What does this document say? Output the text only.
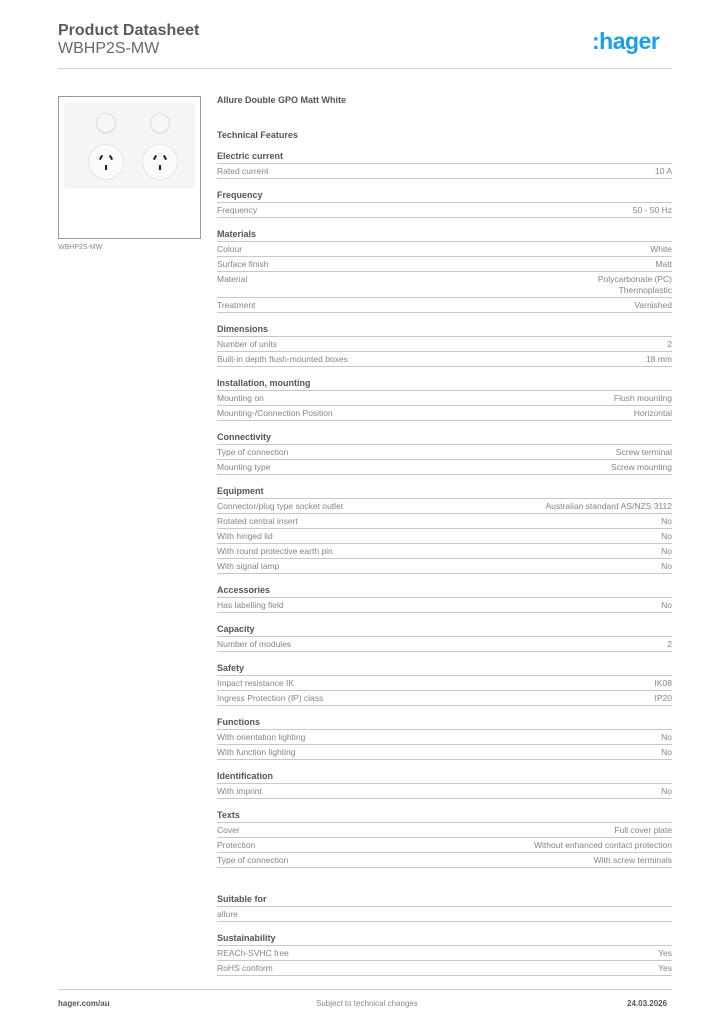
Product Datasheet
WBHP2S-MW	:hager
WBHP2S-MW
Allure Double GPO Matt White
Technical Features
Electric current
Rated current	10 A
Frequency
Frequency	50 - 50 Hz
Materials
Colour	White
Surface finish	Matt
Material	Polycarbonate (PC)
Thermoplastic
Treatment	Varnished
Dimensions
Number of units	2
Built-in depth flush-mounted boxes	18 mm
Installation, mounting
Mounting on	Flush mounting
Mounting-/Connection Position	Horizontal
Connectivity
Type of connection	Screw terminal
Mounting type	Screw mounting
Equipment
Connector/plug type socket outlet	Australian standard AS/NZS 3112
Rotated central insert	No
With hinged lid	No
With round protective earth pin	No
With signal lamp	No
Accessories
Has labelling field	No
Capacity
Number of modules	2
Safety
Impact resistance IK	IK08
Ingress Protection (IP) class	IP20
Functions
With orientation lighting	No
With function lighting	No
Identification
With imprint	No
Texts
Cover	Full cover plate
Protection	Without enhanced contact protection
Type of connection	With screw terminals
Suitable for
allure
Sustainability
REACh-SVHC free	Yes
RoHS conform	Yes
hager.com/au	Subject to technical changes	24.03.2026
